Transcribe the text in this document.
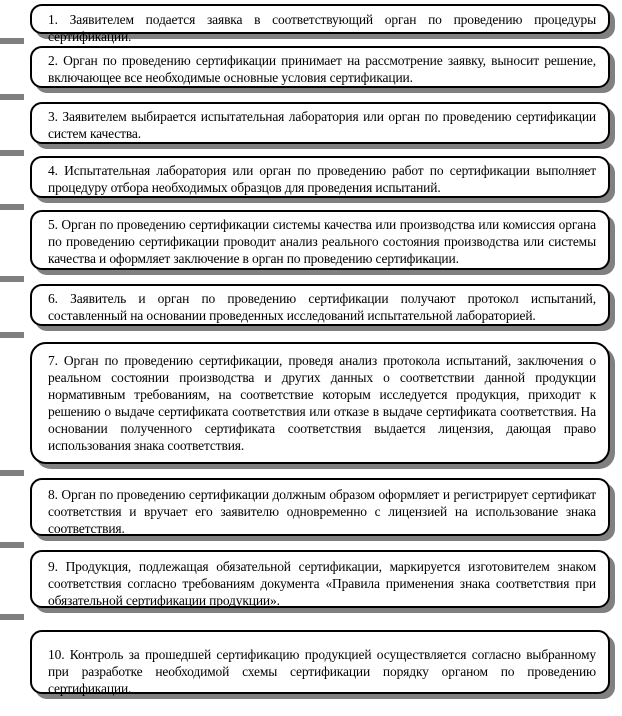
1. Заявителем подается заявка в соответствующий орган по проведению процедуры сертификации.
2. Орган по проведению сертификации принимает на рассмотрение заявку, выносит решение, включающее все необходимые основные условия сертификации.
3. Заявителем выбирается испытательная лаборатория или орган по проведению сертификации систем качества.
4. Испытательная лаборатория или орган по проведению работ по сертификации выполняет процедуру отбора необходимых образцов для проведения испытаний.
5. Орган по проведению сертификации системы качества или производства или комиссия органа по проведению сертификации проводит анализ реального состояния производства или системы качества и оформляет заключение в орган по проведению сертификации.
6. Заявитель и орган по проведению сертификации получают протокол испытаний, составленный на основании проведенных исследований испытательной лабораторией.
7. Орган по проведению сертификации, проведя анализ протокола испытаний, заключения о реальном состоянии производства и других данных о соответствии данной продукции нормативным требованиям, на соответствие которым исследуется продукция, приходит к решению о выдаче сертификата соответствия или отказе в выдаче сертификата соответствия. На основании полученного сертификата соответствия выдается лицензия, дающая право использования знака соответствия.
8. Орган по проведению сертификации должным образом оформляет и регистрирует сертификат соответствия и вручает его заявителю одновременно с лицензией на использование знака соответствия.
9. Продукция, подлежащая обязательной сертификации, маркируется изготовителем знаком соответствия согласно требованиям документа «Правила применения знака соответствия при обязательной сертификации продукции».
10. Контроль за прошедшей сертификацию продукцией осуществляется согласно выбранному при разработке необходимой схемы сертификации порядку органом по проведению сертификации.
